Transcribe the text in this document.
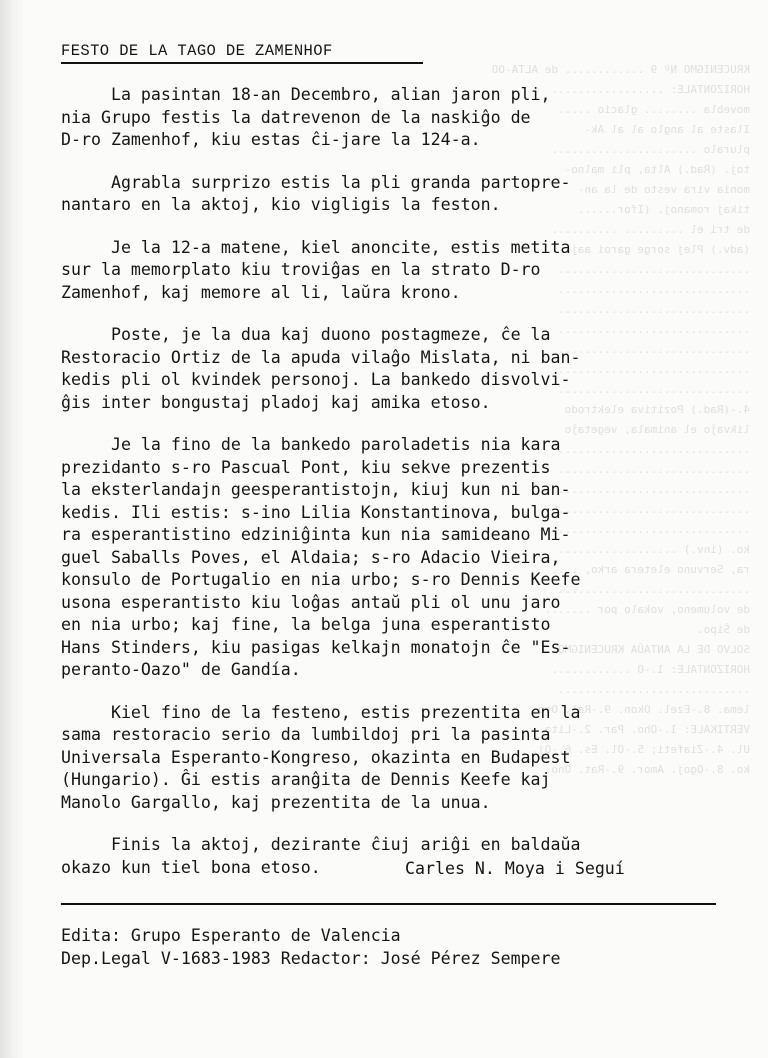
KRUCENIGMO Nº 9 ............ de ALTA-OO
HORIZONTALE: .................
movebla ........ glacio .....
Ilaste al anglo al al Ak-
pluralo ......................
toj. (Rad.) Alta, pli malno-
monia vira vesto de la an-
tikaj romanoj. (Ifor......
de tri el ......... ..........
(adv.) Plej sorge garoi aaj
.............................
.............................
.............................
.............................
.............................
.............................
.............................
4.-(Rad.) Pozitiva elektrodo
likvaĵo el animala, vegetaĵo
.............................
.............................
.............................
.............................
.............................
ko. (inv.) ..................
ra, Servuno eletera arko, ....
.............................
de volumeno, vokalo por .......
de Ŝipo.
SOLVO DE LA ANTAŬA KRUCENIGMO
HORIZONTALE: 1.-O ............
.............................
lema. 8.-Ezel. Okon. 9.-Ral. Oro.
VERTIKALE: 1.-Oho. Par. 2.-Lita.
Ul. 4.-Ziafeti; 5.-Ol. Es. 6.-Oj.
ko. 8.-Ogoj. Amor. 9.-Rat. Ono.
FESTO DE LA TAGO DE ZAMENHOF
La pasintan 18-an Decembro, alian jaron pli,
nia Grupo festis la datrevenon de la naskiĝo de
D-ro Zamenhof, kiu estas ĉi-jare la 124-a.
Agrabla surprizo estis la pli granda partopre-
nantaro en la aktoj, kio vigligis la feston.
Je la 12-a matene, kiel anoncite, estis metita
sur la memorplato kiu troviĝas en la strato D-ro
Zamenhof, kaj memore al li, laŭra krono.
Poste, je la dua kaj duono postagmeze, ĉe la
Restoracio Ortiz de la apuda vilaĝo Mislata, ni ban-
kedis pli ol kvindek personoj. La bankedo disvolvi-
ĝis inter bongustaj pladoj kaj amika etoso.
Je la fino de la bankedo paroladetis nia kara
prezidanto s-ro Pascual Pont, kiu sekve prezentis
la eksterlandajn geesperantistojn, kiuj kun ni ban-
kedis. Ili estis: s-ino Lilia Konstantinova, bulga-
ra esperantistino edziniĝinta kun nia samideano Mi-
guel Saballs Poves, el Aldaia; s-ro Adacio Vieira,
konsulo de Portugalio en nia urbo; s-ro Dennis Keefe
usona esperantisto kiu loĝas antaŭ pli ol unu jaro
en nia urbo; kaj fine, la belga juna esperantisto
Hans Stinders, kiu pasigas kelkajn monatojn ĉe "Es-
peranto-Oazo" de Gandía.
Kiel fino de la festeno, estis prezentita en la
sama restoracio serio da lumbildoj pri la pasinta
Universala Esperanto-Kongreso, okazinta en Budapest
(Hungario). Ĝi estis aranĝita de Dennis Keefe kaj
Manolo Gargallo, kaj prezentita de la unua.
Finis la aktoj, dezirante ĉiuj ariĝi en baldaŭa
okazo kun tiel bona etoso.	Carles N. Moya i Seguí
Edita: Grupo Esperanto de Valencia
Dep.Legal V-1683-1983 Redactor: José Pérez Sempere
